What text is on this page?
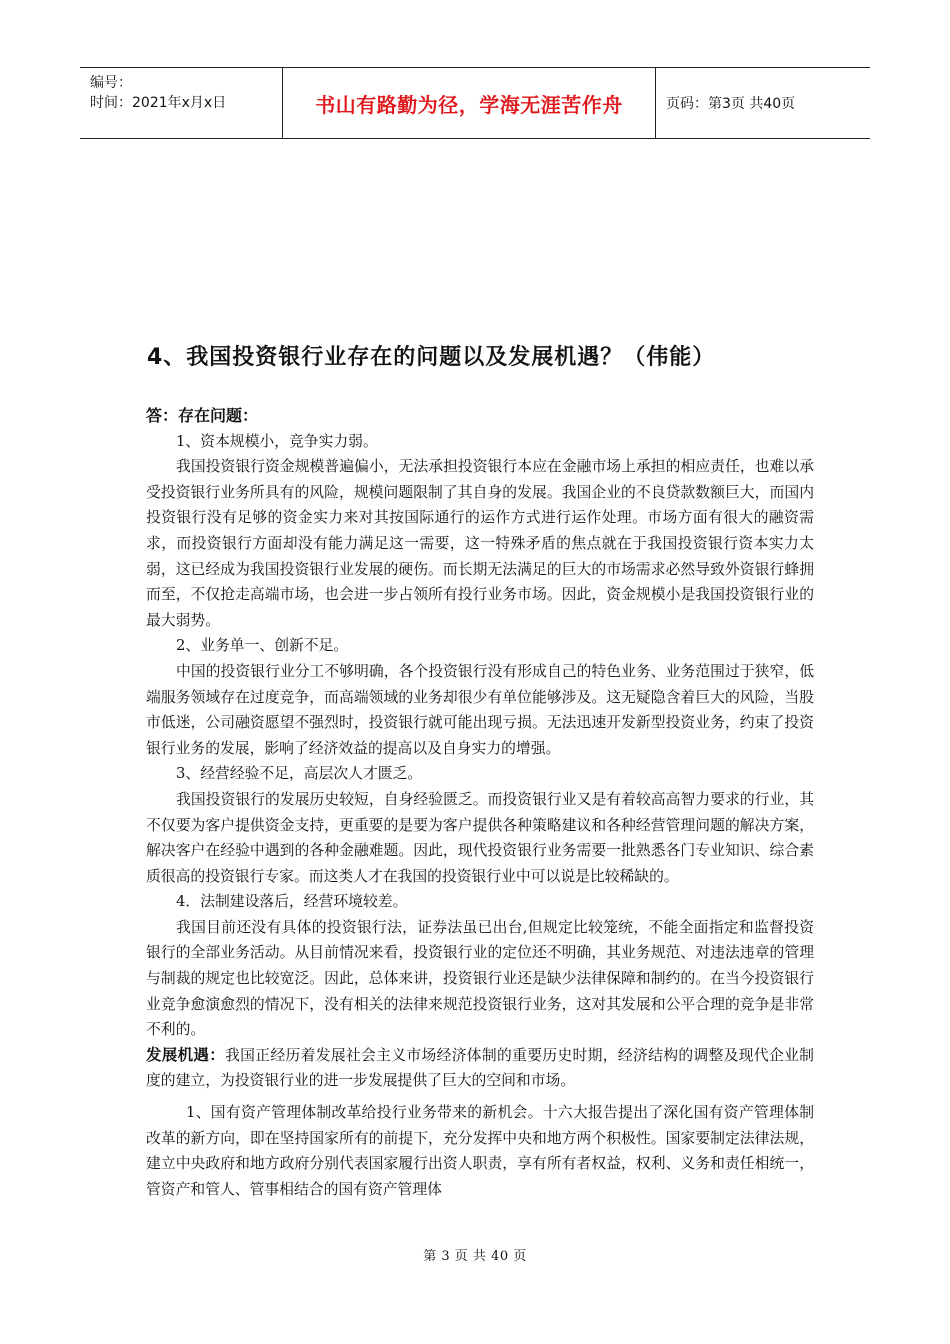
编号：
时间：2021年x月x日	书山有路勤为径，学海无涯苦作舟	页码：第3页 共40页
4、我国投资银行业存在的问题以及发展机遇？（伟能）

答：存在问题：

1、资本规模小，竞争实力弱。

我国投资银行资金规模普遍偏小，无法承担投资银行本应在金融市场上承担的相应责任，也难以承受投资银行业务所具有的风险，规模问题限制了其自身的发展。我国企业的不良贷款数额巨大，而国内投资银行没有足够的资金实力来对其按国际通行的运作方式进行运作处理。市场方面有很大的融资需求，而投资银行方面却没有能力满足这一需要，这一特殊矛盾的焦点就在于我国投资银行资本实力太弱，这已经成为我国投资银行业发展的硬伤。而长期无法满足的巨大的市场需求必然导致外资银行蜂拥而至，不仅抢走高端市场，也会进一步占领所有投行业务市场。因此，资金规模小是我国投资银行业的最大弱势。

2、业务单一、创新不足。

中国的投资银行业分工不够明确，各个投资银行没有形成自己的特色业务、业务范围过于狭窄，低端服务领域存在过度竞争，而高端领域的业务却很少有单位能够涉及。这无疑隐含着巨大的风险，当股市低迷，公司融资愿望不强烈时，投资银行就可能出现亏损。无法迅速开发新型投资业务，约束了投资银行业务的发展，影响了经济效益的提高以及自身实力的增强。

3、经营经验不足，高层次人才匮乏。

我国投资银行的发展历史较短，自身经验匮乏。而投资银行业又是有着较高高智力要求的行业，其不仅要为客户提供资金支持，更重要的是要为客户提供各种策略建议和各种经营管理问题的解决方案，解决客户在经验中遇到的各种金融难题。因此，现代投资银行业务需要一批熟悉各门专业知识、综合素质很高的投资银行专家。而这类人才在我国的投资银行业中可以说是比较稀缺的。

4．法制建设落后，经营环境较差。

我国目前还没有具体的投资银行法，证券法虽已出台,但规定比较笼统，不能全面指定和监督投资银行的全部业务活动。从目前情况来看，投资银行业的定位还不明确，其业务规范、对违法违章的管理与制裁的规定也比较宽泛。因此，总体来讲，投资银行业还是缺少法律保障和制约的。在当今投资银行业竞争愈演愈烈的情况下，没有相关的法律来规范投资银行业务，这对其发展和公平合理的竞争是非常不利的。

发展机遇：我国正经历着发展社会主义市场经济体制的重要历史时期，经济结构的调整及现代企业制度的建立，为投资银行业的进一步发展提供了巨大的空间和市场。

1、国有资产管理体制改革给投行业务带来的新机会。十六大报告提出了深化国有资产管理体制改革的新方向，即在坚持国家所有的前提下，充分发挥中央和地方两个积极性。国家要制定法律法规，建立中央政府和地方政府分别代表国家履行出资人职责，享有所有者权益，权利、义务和责任相统一，管资产和管人、管事相结合的国有资产管理体

第 3 页 共 40 页
